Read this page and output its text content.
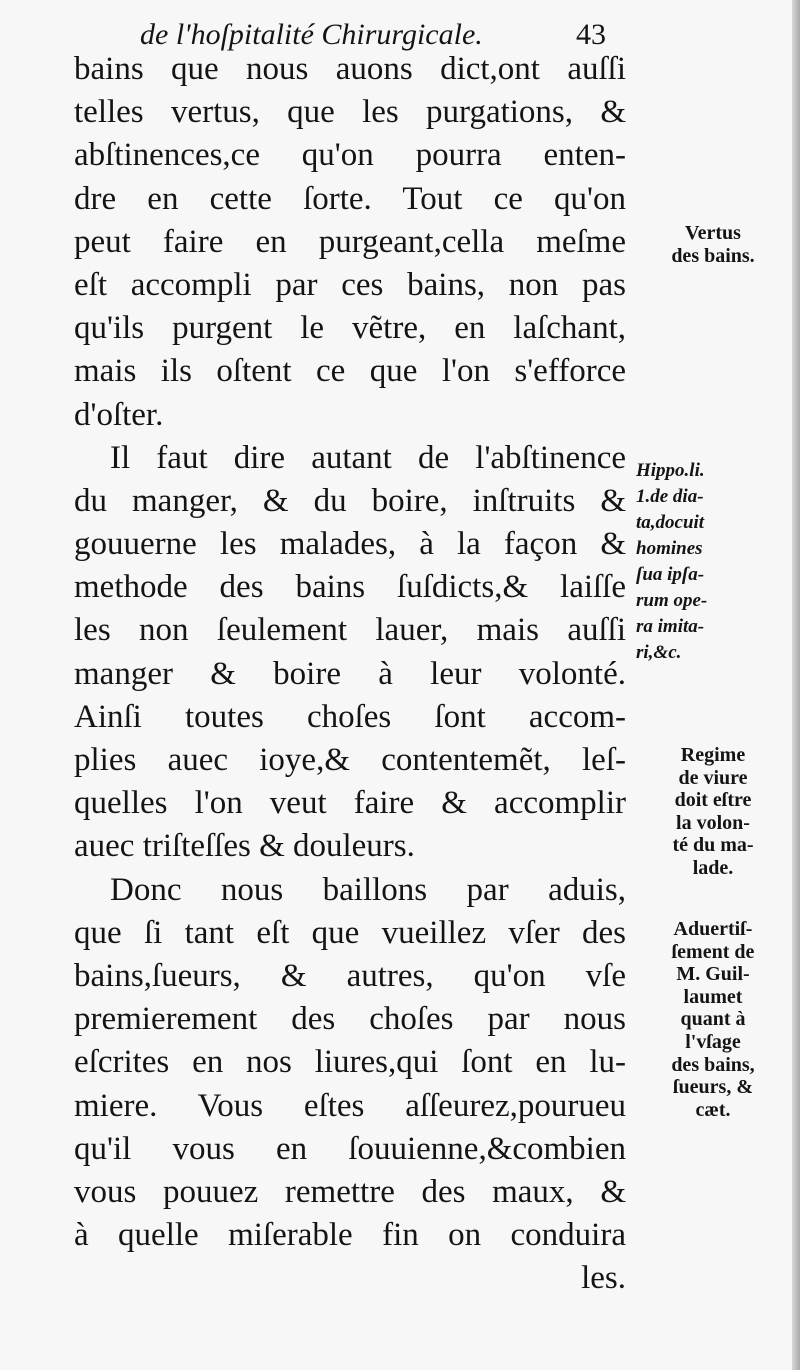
de l'hoſpitalité Chirurgicale.	43
bains que nous auons dict,ont auſſi
telles vertus, que les purgations, &
abſtinences,ce qu'on pourra enten-
dre en cette ſorte. Tout ce qu'on
peut faire en purgeant,cella meſme
eſt accompli par ces bains, non pas
qu'ils purgent le vẽtre, en laſchant,
mais ils oſtent ce que l'on s'efforce
d'oſter.
Il faut dire autant de l'abſtinence
du manger, & du boire, inſtruits &
gouuerne les malades, à la façon &
methode des bains ſuſdicts,& laiſſe
les non ſeulement lauer, mais auſſi
manger & boire à leur volonté.
Ainſi toutes choſes ſont accom-
plies auec ioye,& contentemẽt, leſ-
quelles l'on veut faire & accomplir
auec triſteſſes & douleurs.
Donc nous baillons par aduis,
que ſi tant eſt que vueillez vſer des
bains,ſueurs, & autres, qu'on vſe
premierement des choſes par nous
eſcrites en nos liures,qui ſont en lu-
miere. Vous eſtes aſſeurez,pourueu
qu'il vous en ſouuienne,&combien
vous pouuez remettre des maux, &
à quelle miſerable fin on conduira
les.
Vertus
des bains.
Hippo.li.
1.de dia-
ta,docuit
homines
ſua ipſa-
rum ope-
ra imita-
ri,&c.
Regime
de viure
doit eſtre
la volon-
té du ma-
lade.
Aduertiſ-
ſement de
M. Guil-
laumet
quant à
l'vſage
des bains,
ſueurs, &
cæt.
